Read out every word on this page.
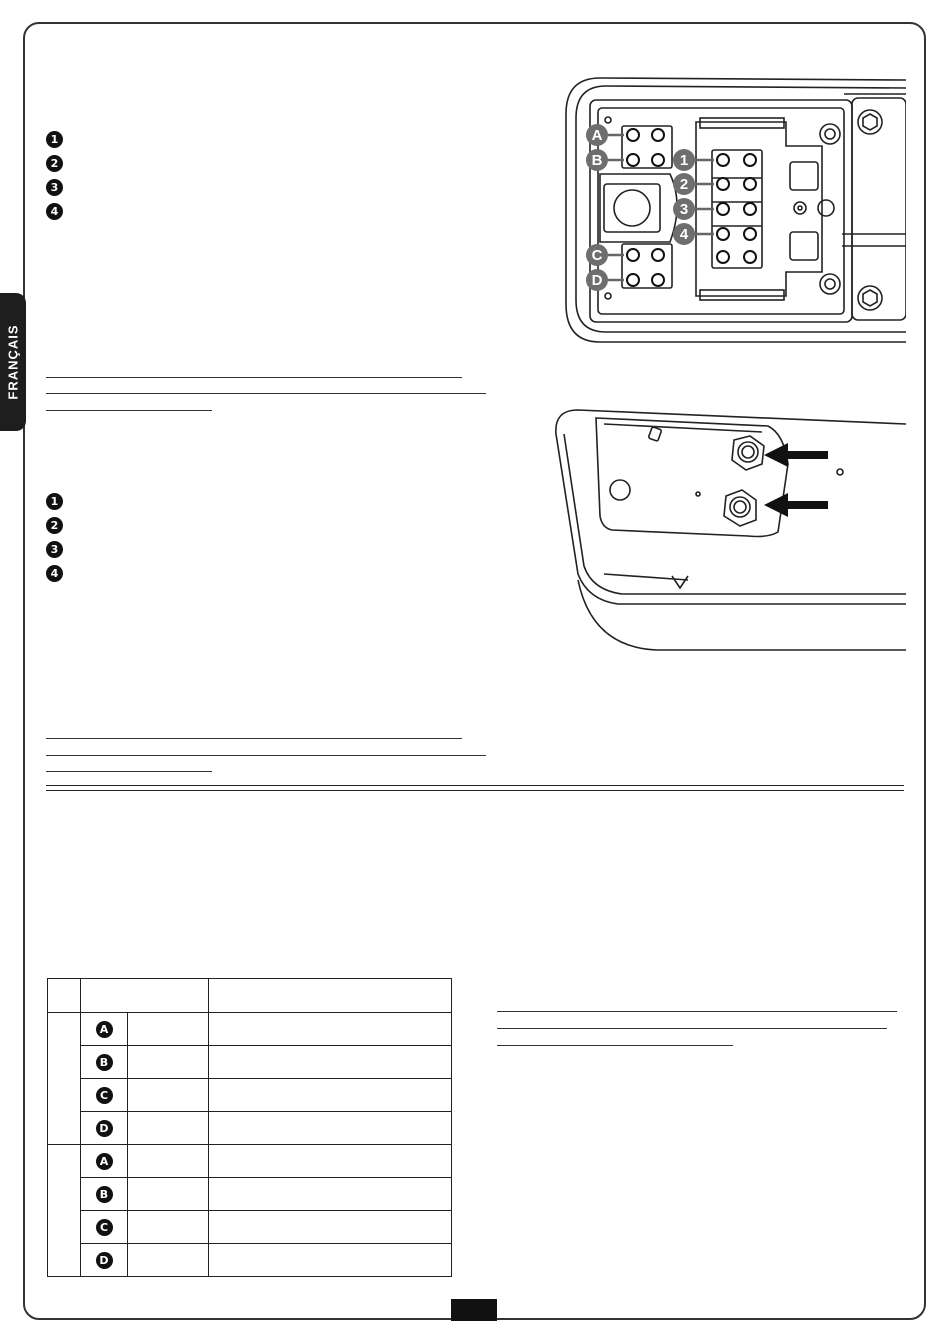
FRANÇAIS
1
2
3
4
1
2
3
4
A
B
C
D
1
2
3
4

	A		
	B		
	C		
	D		
	A		
	B		
	C		
	D		
